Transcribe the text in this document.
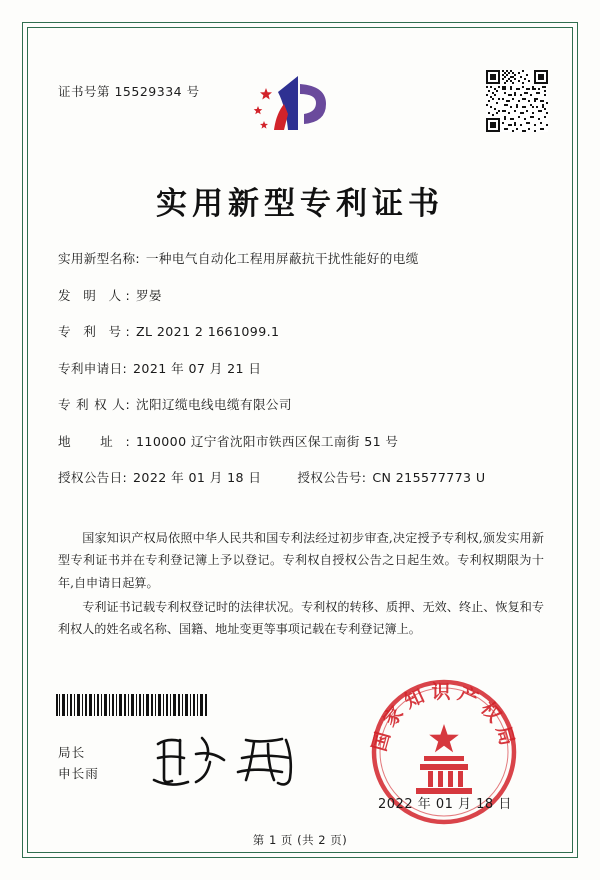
证书号第 15529334 号
实用新型专利证书
实用新型名称: 一种电气自动化工程用屏蔽抗干扰性能好的电缆
发 明 人: 罗晏
专 利 号: ZL 2021 2 1661099.1
专利申请日: 2021 年 07 月 21 日
专 利 权 人: 沈阳辽缆电线电缆有限公司
地 址: 110000 辽宁省沈阳市铁西区保工南街 51 号
授权公告日: 2022 年 01 月 18 日	授权公告号: CN 215577773 U

国家知识产权局依照中华人民共和国专利法经过初步审查,决定授予专利权,颁发实用新型专利证书并在专利登记簿上予以登记。专利权自授权公告之日起生效。专利权期限为十年,自申请日起算。

专利证书记载专利权登记时的法律状况。专利权的转移、质押、无效、终止、恢复和专利权人的姓名或名称、国籍、地址变更等事项记载在专利登记簿上。

局长
申长雨
国家知识产权局
2022 年 01 月 18 日
第 1 页 (共 2 页)
